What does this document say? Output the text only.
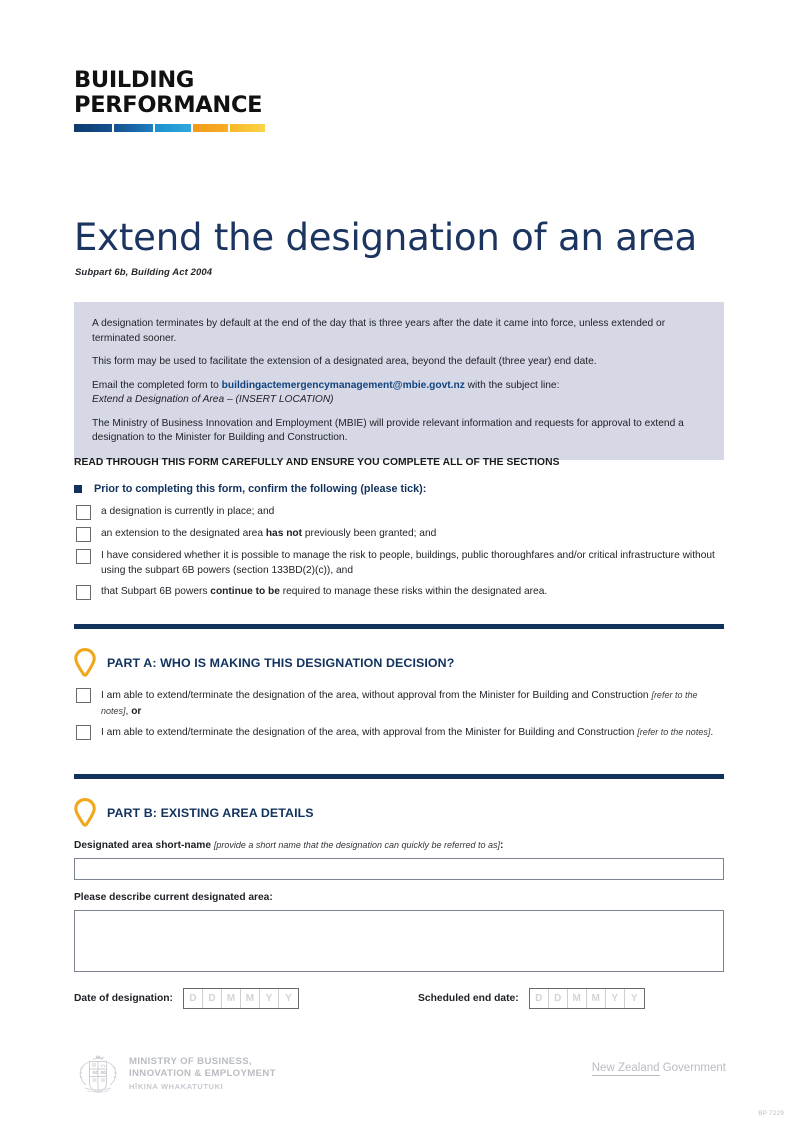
BUILDING
PERFORMANCE
Extend the designation of an area
Subpart 6b, Building Act 2004

A designation terminates by default at the end of the day that is three years after the date it came into force, unless extended or terminated sooner.

This form may be used to facilitate the extension of a designated area, beyond the default (three year) end date.

Email the completed form to buildingactemergencymanagement@mbie.govt.nz with the subject line:
Extend a Designation of Area – (INSERT LOCATION)

The Ministry of Business Innovation and Employment (MBIE) will provide relevant information and requests for approval to extend a designation to the Minister for Building and Construction.

READ THROUGH THIS FORM CAREFULLY AND ENSURE YOU COMPLETE ALL OF THE SECTIONS
Prior to completing this form, confirm the following (please tick):
a designation is currently in place; and
an extension to the designated area has not previously been granted; and
I have considered whether it is possible to manage the risk to people, buildings, public thoroughfares and/or critical infrastructure without using the subpart 6B powers (section 133BD(2)(c)), and
that Subpart 6B powers continue to be required to manage these risks within the designated area.
PART A: WHO IS MAKING THIS DESIGNATION DECISION?
I am able to extend/terminate the designation of the area, without approval from the Minister for Building and Construction [refer to the notes], or
I am able to extend/terminate the designation of the area, with approval from the Minister for Building and Construction [refer to the notes].
PART B: EXISTING AREA DETAILS
Designated area short-name [provide a short name that the designation can quickly be referred to as]:
Please describe current designated area:
Date of designation:	D	D	M	M	Y	Y	Scheduled end date:	D	D	M	M	Y	Y
MINISTRY OF BUSINESS,
INNOVATION & EMPLOYMENT
HĪKINA WHAKATUTUKI
New Zealand Government
BP 7229
